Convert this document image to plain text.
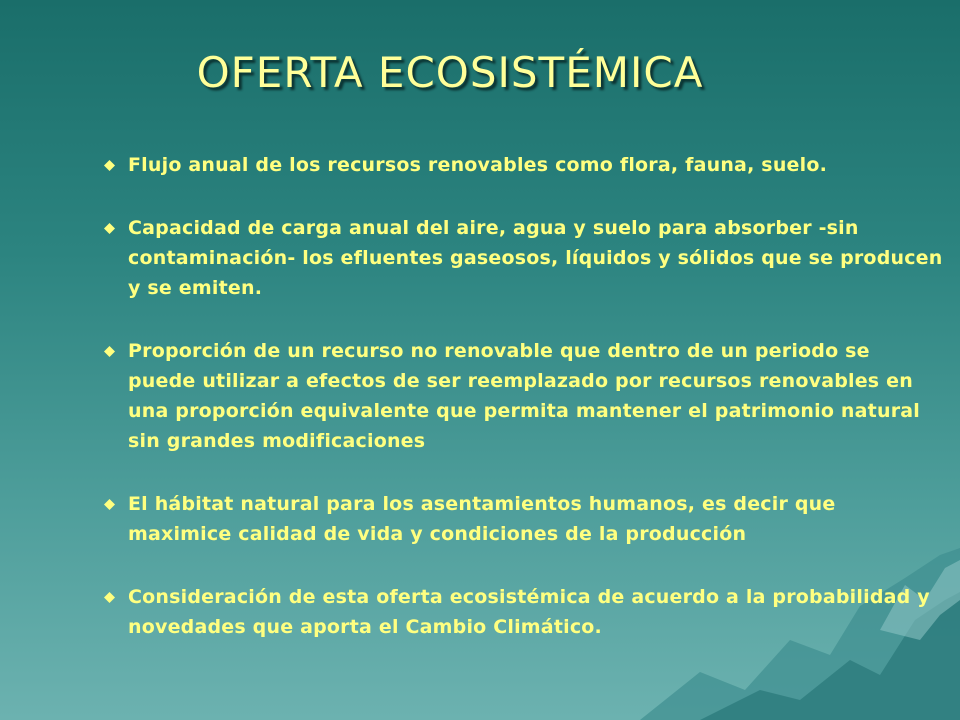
OFERTA ECOSISTÉMICA
Flujo anual de los recursos renovables como flora, fauna, suelo.
Capacidad de carga anual del aire, agua y suelo para absorber -sin contaminación- los efluentes gaseosos, líquidos y sólidos que se producen y se emiten.
Proporción de un recurso no renovable que dentro de un periodo se puede utilizar a efectos de ser reemplazado por recursos renovables en una proporción equivalente que permita mantener el patrimonio natural sin grandes modificaciones
El hábitat natural para los asentamientos humanos, es decir que maximice calidad de vida y condiciones de la producción
Consideración de esta oferta ecosistémica de acuerdo a la probabilidad y novedades que aporta el Cambio Climático.
